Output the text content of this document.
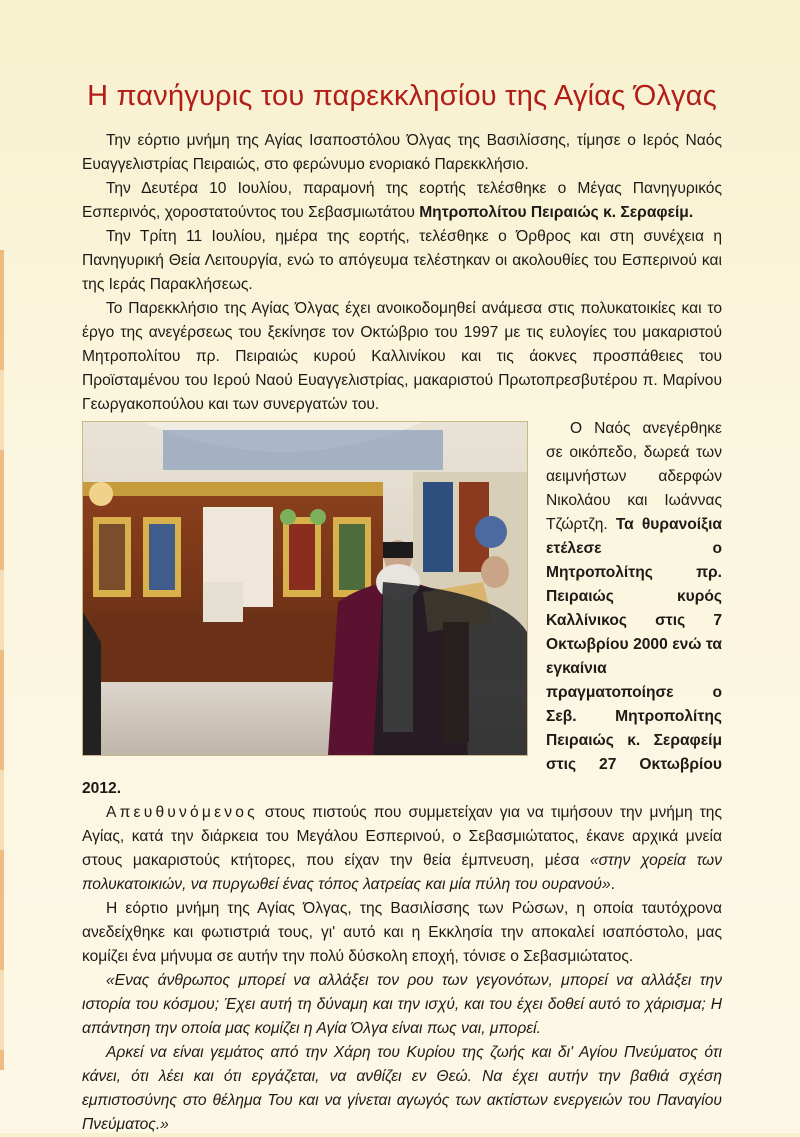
Η πανήγυρις του παρεκκλησίου της Αγίας Όλγας

Την εόρτιο μνήμη της Αγίας Ισαποστόλου Όλγας της Βασιλίσσης, τίμησε ο Ιερός Ναός Ευαγγελιστρίας Πειραιώς, στο φερώνυμο ενοριακό Παρεκκλήσιο.

Την Δευτέρα 10 Ιουλίου, παραμονή της εορτής τελέσθηκε ο Μέγας Πανηγυρικός Εσπερινός, χοροστατούντος του Σεβασμιωτάτου Μητροπολίτου Πειραιώς κ. Σεραφείμ.

Την Τρίτη 11 Ιουλίου, ημέρα της εορτής, τελέσθηκε ο Όρθρος και στη συνέχεια η Πανηγυρική Θεία Λειτουργία, ενώ το απόγευμα τελέστηκαν οι ακολουθίες του Εσπερινού και της Ιεράς Παρακλήσεως.

Το Παρεκκλήσιο της Αγίας Όλγας έχει ανοικοδομηθεί ανάμεσα στις πολυκατοικίες και το έργο της ανεγέρσεως του ξεκίνησε τον Οκτώβριο του 1997 με τις ευλογίες του μακαριστού Μητροπολίτου πρ. Πειραιώς κυρού Καλλινίκου και τις άοκνες προσπάθειες του Προϊσταμένου του Ιερού Ναού Ευαγγελιστρίας, μακαριστού Πρωτοπρεσβυτέρου π. Μαρίνου Γεωργακοπούλου και των συνεργατών του.

Ο Ναός ανεγέρθηκε σε οικόπεδο, δωρεά των αειμνήστων αδερφών Νικολάου και Ιωάννας Τζώρτζη. Τα θυρανοίξια ετέλεσε ο Μητροπολίτης πρ. Πειραιώς κυρός Καλλίνικος στις 7 Οκτωβρίου 2000 ενώ τα εγκαίνια πραγματοποίησε ο Σεβ. Μητροπολίτης Πειραιώς κ. Σεραφείμ στις 27 Οκτωβρίου 2012.

Απευθυνόμενος στους πιστούς που συμμετείχαν για να τιμήσουν την μνήμη της Αγίας, κατά την διάρκεια του Μεγάλου Εσπερινού, ο Σεβασμιώτατος, έκανε αρχικά μνεία στους μακαριστούς κτήτορες, που είχαν την θεία έμπνευση, μέσα «στην χορεία των πολυκατοικιών, να πυργωθεί ένας τόπος λατρείας και μία πύλη του ουρανού».

Η εόρτιο μνήμη της Αγίας Όλγας, της Βασιλίσσης των Ρώσων, η οποία ταυτόχρονα ανεδείχθηκε και φωτιστριά τους, γι' αυτό και η Εκκλησία την αποκαλεί ισαπόστολο, μας κομίζει ένα μήνυμα σε αυτήν την πολύ δύσκολη εποχή, τόνισε ο Σεβασμιώτατος.

«Ενας άνθρωπος μπορεί να αλλάξει τον ρου των γεγονότων, μπορεί να αλλάξει την ιστορία του κόσμου; Έχει αυτή τη δύναμη και την ισχύ, και του έχει δοθεί αυτό το χάρισμα; Η απάντηση την οποία μας κομίζει η Αγία Όλγα είναι πως ναι, μπορεί.

Αρκεί να είναι γεμάτος από την Χάρη του Κυρίου της ζωής και δι' Αγίου Πνεύματος ότι κάνει, ότι λέει και ότι εργάζεται, να ανθίζει εν Θεώ. Να έχει αυτήν την βαθιά σχέση εμπιστοσύνης στο θέλημα Του και να γίνεται αγωγός των ακτίστων ενεργειών του Παναγίου Πνεύματος.»
